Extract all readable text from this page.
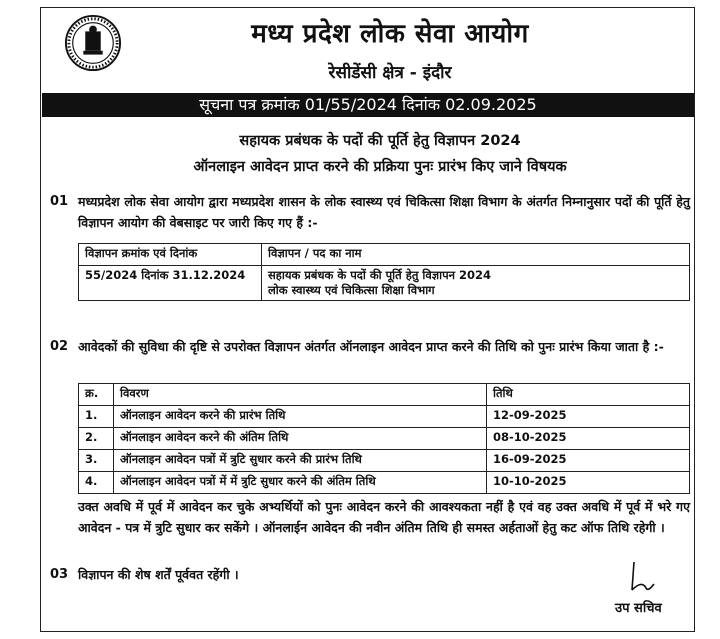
मध्य प्रदेश लोक सेवा आयोग
रेसीडेंसी क्षेत्र - इंदौर
सूचना पत्र क्रमांक 01/55/2024 दिनांक 02.09.2025
सहायक प्रबंधक के पदों की पूर्ति हेतु विज्ञापन 2024
ऑनलाइन आवेदन प्राप्त करने की प्रक्रिया पुनः प्रारंभ किए जाने विषयक
01 मध्यप्रदेश लोक सेवा आयोग द्वारा मध्यप्रदेश शासन के लोक स्वास्थ्य एवं चिकित्सा शिक्षा विभाग के अंतर्गत निम्नानुसार पदों की पूर्ति हेतु विज्ञापन आयोग की वेबसाइट पर जारी किए गए हैं :-
विज्ञापन क्रमांक एवं दिनांक	विज्ञापन / पद का नाम
55/2024 दिनांक 31.12.2024	सहायक प्रबंधक के पदों की पूर्ति हेतु विज्ञापन 2024
लोक स्वास्थ्य एवं चिकित्सा शिक्षा विभाग
02 आवेदकों की सुविधा की दृष्टि से उपरोक्त विज्ञापन अंतर्गत ऑनलाइन आवेदन प्राप्त करने की तिथि को पुनः प्रारंभ किया जाता है :-
क्र.	विवरण	तिथि
1.	ऑनलाइन आवेदन करने की प्रारंभ तिथि	12-09-2025
2.	ऑनलाइन आवेदन करने की अंतिम तिथि	08-10-2025
3.	ऑनलाइन आवेदन पत्रों में त्रुटि सुधार करने की प्रारंभ तिथि	16-09-2025
4.	ऑनलाइन आवेदन पत्रों में में त्रुटि सुधार करने की अंतिम तिथि	10-10-2025
उक्त अवधि में पूर्व में आवेदन कर चुके अभ्यर्थियों को पुनः आवेदन करने की आवश्यकता नहीं है एवं वह उक्त अवधि में पूर्व में भरे गए आवेदन - पत्र में त्रुटि सुधार कर सकेंगे । ऑनलाईन आवेदन की नवीन अंतिम तिथि ही समस्त अर्हताओं हेतु कट ऑफ तिथि रहेगी ।
03 विज्ञापन की शेष शर्तें पूर्ववत रहेंगी ।
उप सचिव
